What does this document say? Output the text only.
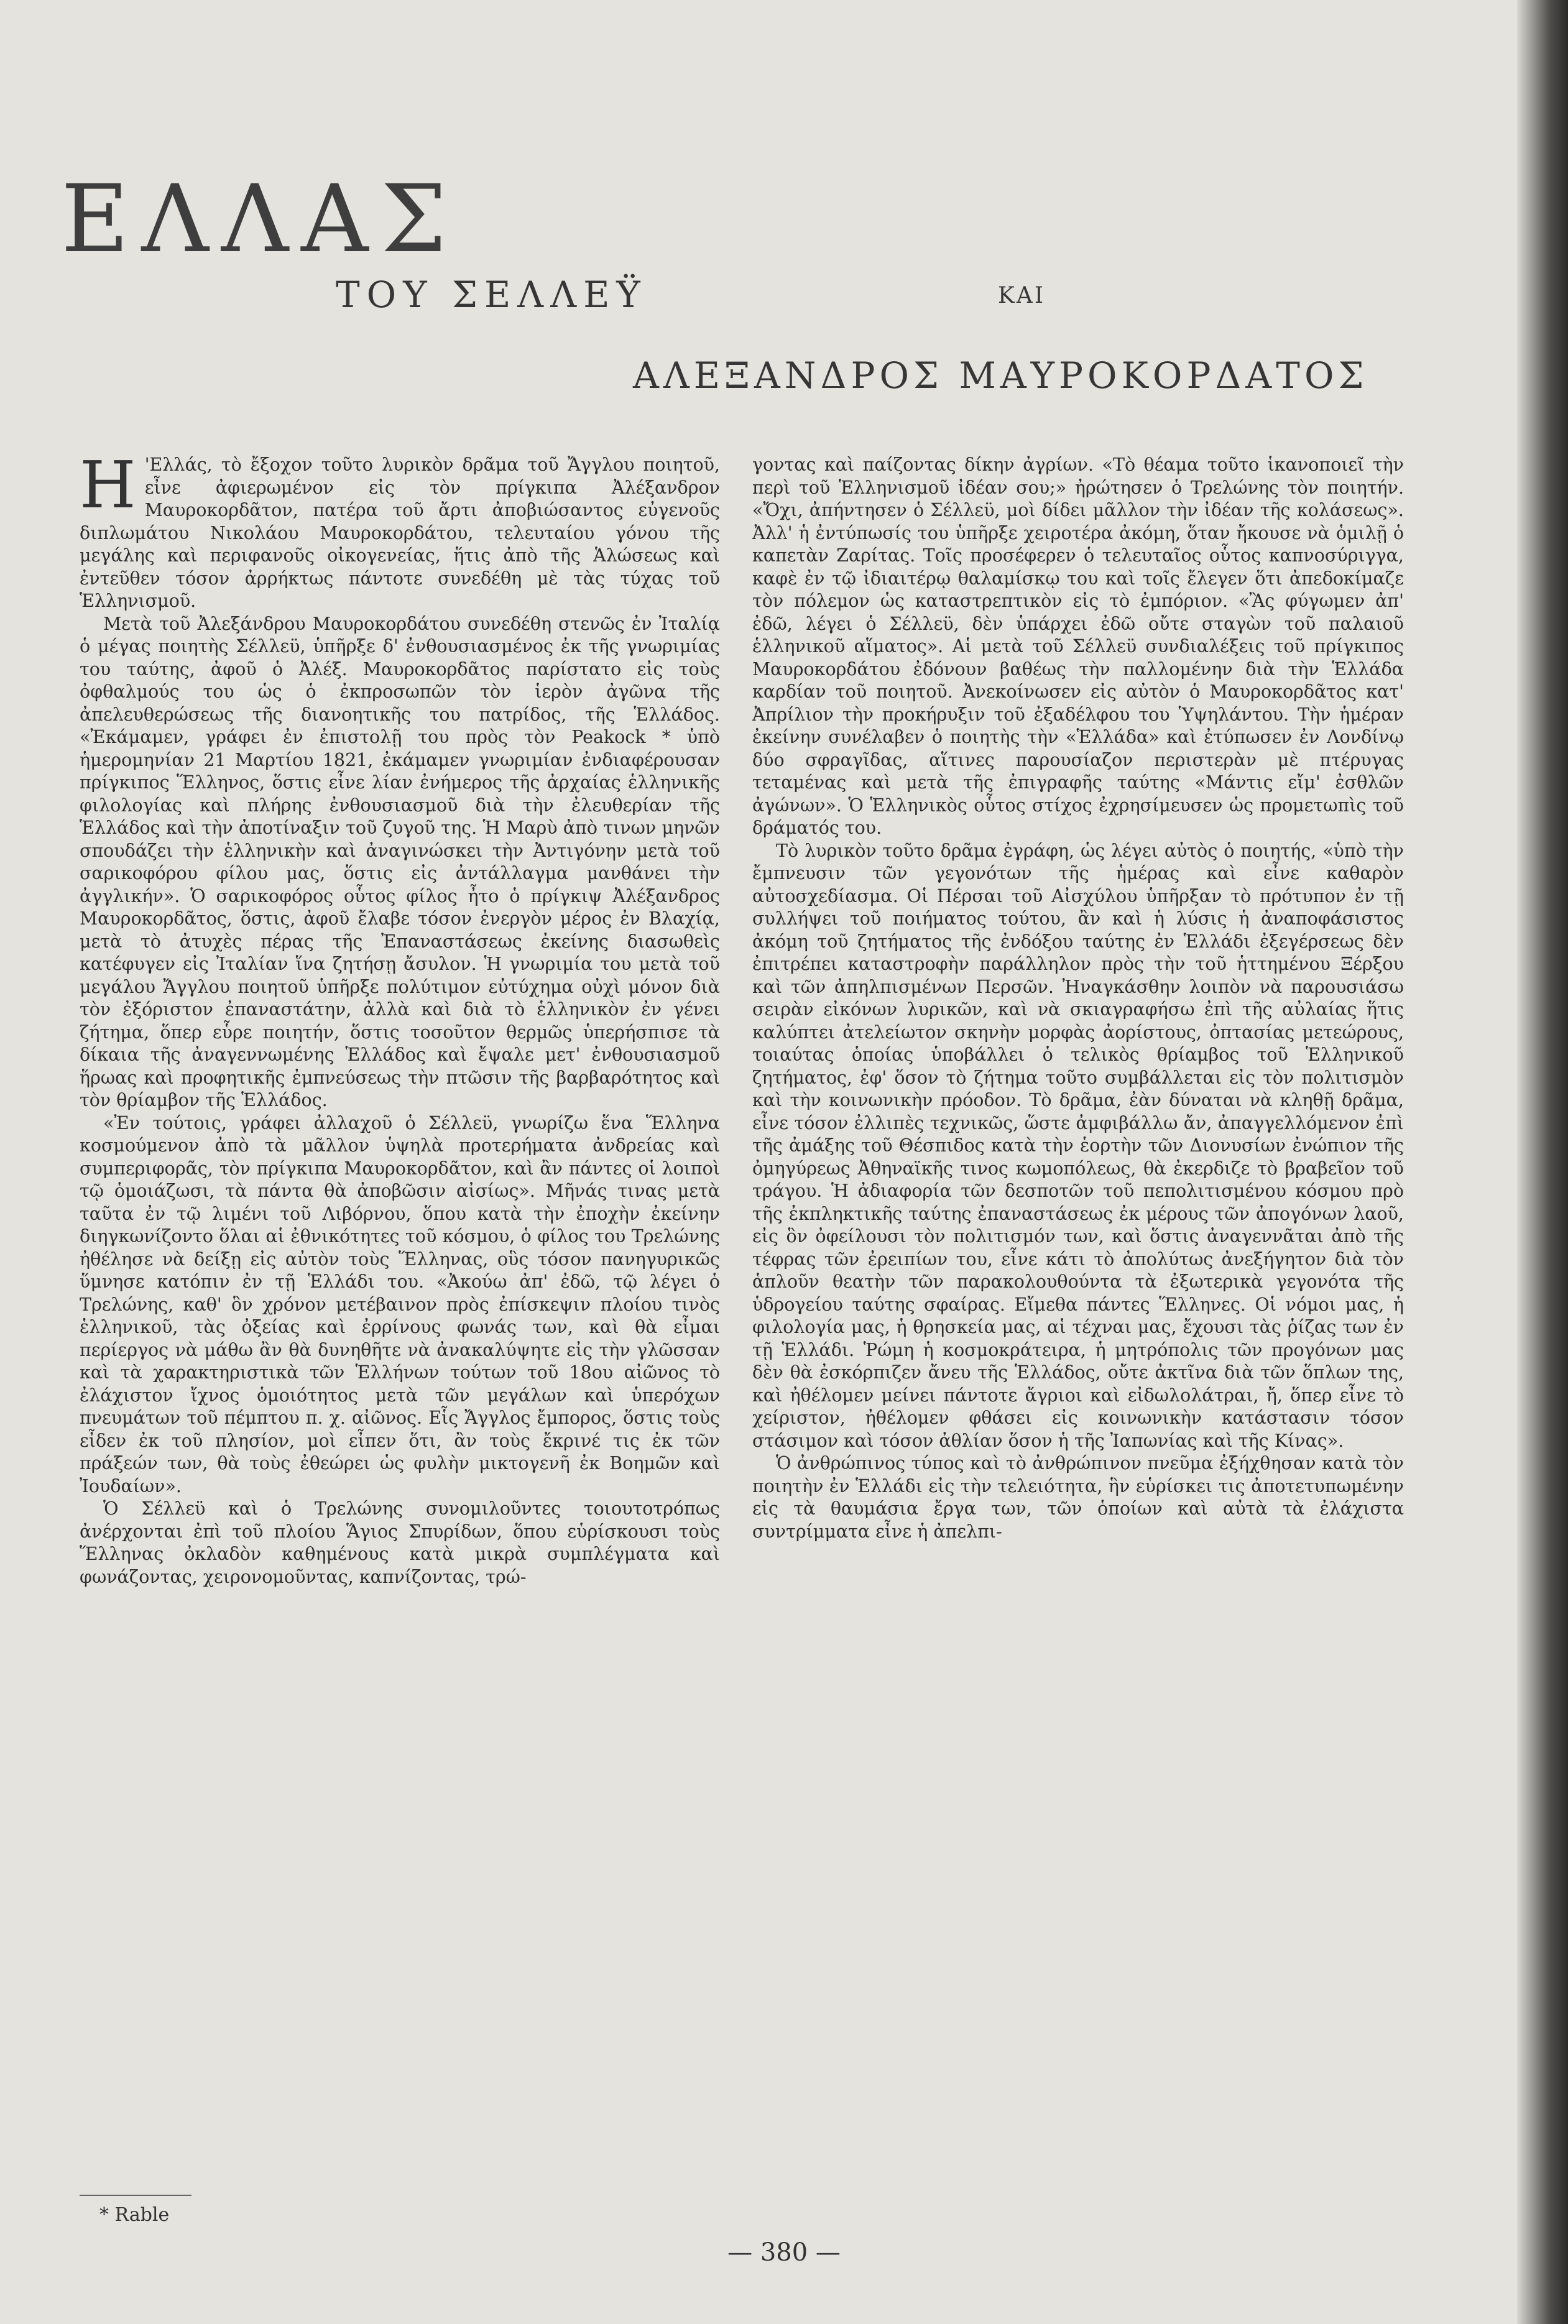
ΕΛΛΑΣ
ΤΟΥ ΣΕΛΛΕΫ	ΚΑΙ
ΑΛΕΞΑΝΔΡΟΣ ΜΑΥΡΟΚΟΡΔΑΤΟΣ

Η 'Ελλάς, τὸ ἔξοχον τοῦτο λυρικὸν δρᾶμα τοῦ Ἄγγλου ποιητοῦ, εἶνε ἀφιερωμένον εἰς τὸν πρίγκιπα Ἀλέξανδρον Μαυροκορδᾶτον, πατέρα τοῦ ἄρτι ἀποβιώσαντος εὐγενοῦς διπλωμάτου Νικολάου Μαυροκορδάτου, τελευταίου γόνου τῆς μεγάλης καὶ περιφανοῦς οἰκογενείας, ἥτις ἀπὸ τῆς Ἁλώσεως καὶ ἐντεῦθεν τόσον ἀρρήκτως πάντοτε συνεδέθη μὲ τὰς τύχας τοῦ Ἑλληνισμοῦ.

Μετὰ τοῦ Ἀλεξάνδρου Μαυροκορδάτου συνεδέθη στενῶς ἐν Ἰταλίᾳ ὁ μέγας ποιητὴς Σέλλεϋ, ὑπῆρξε δ' ἐνθουσιασμένος ἐκ τῆς γνωριμίας του ταύτης, ἀφοῦ ὁ Ἀλέξ. Μαυροκορδᾶτος παρίστατο εἰς τοὺς ὀφθαλμούς του ὡς ὁ ἐκπροσωπῶν τὸν ἱερὸν ἀγῶνα τῆς ἀπελευθερώσεως τῆς διανοητικῆς του πατρίδος, τῆς Ἑλλάδος. «Ἐκάμαμεν, γράφει ἐν ἐπιστολῇ του πρὸς τὸν Peakock * ὑπὸ ἡμερομηνίαν 21 Μαρτίου 1821, ἐκάμαμεν γνωριμίαν ἐνδιαφέρουσαν πρίγκιπος Ἕλληνος, ὅστις εἶνε λίαν ἐνήμερος τῆς ἀρχαίας ἑλληνικῆς φιλολογίας καὶ πλήρης ἐνθουσιασμοῦ διὰ τὴν ἐλευθερίαν τῆς Ἑλλάδος καὶ τὴν ἀποτίναξιν τοῦ ζυγοῦ της. Ἡ Μαρὺ ἀπὸ τινων μηνῶν σπουδάζει τὴν ἑλληνικὴν καὶ ἀναγινώσκει τὴν Ἀντιγόνην μετὰ τοῦ σαρικοφόρου φίλου μας, ὅστις εἰς ἀντάλλαγμα μανθάνει τὴν ἀγγλικήν». Ὁ σαρικοφόρος οὗτος φίλος ἦτο ὁ πρίγκιψ Ἀλέξανδρος Μαυροκορδᾶτος, ὅστις, ἀφοῦ ἔλαβε τόσον ἐνεργὸν μέρος ἐν Βλαχίᾳ, μετὰ τὸ ἀτυχὲς πέρας τῆς Ἐπαναστάσεως ἐκείνης διασωθεὶς κατέφυγεν εἰς Ἰταλίαν ἵνα ζητήσῃ ἄσυλον. Ἡ γνωριμία του μετὰ τοῦ μεγάλου Ἄγγλου ποιητοῦ ὑπῆρξε πολύτιμον εὐτύχημα οὐχὶ μόνον διὰ τὸν ἐξόριστον ἐπαναστάτην, ἀλλὰ καὶ διὰ τὸ ἑλληνικὸν ἐν γένει ζήτημα, ὅπερ εὗρε ποιητήν, ὅστις τοσοῦτον θερμῶς ὑπερήσπισε τὰ δίκαια τῆς ἀναγεννωμένης Ἑλλάδος καὶ ἔψαλε μετ' ἐνθουσιασμοῦ ἥρωας καὶ προφητικῆς ἐμπνεύσεως τὴν πτῶσιν τῆς βαρβαρότητος καὶ τὸν θρίαμβον τῆς Ἑλλάδος.

«Ἐν τούτοις, γράφει ἀλλαχοῦ ὁ Σέλλεϋ, γνωρίζω ἕνα Ἕλληνα κοσμούμενον ἀπὸ τὰ μᾶλλον ὑψηλὰ προτερήματα ἀνδρείας καὶ συμπεριφορᾶς, τὸν πρίγκιπα Μαυροκορδᾶτον, καὶ ἂν πάντες οἱ λοιποὶ τῷ ὁμοιάζωσι, τὰ πάντα θὰ ἀποβῶσιν αἰσίως». Μῆνάς τινας μετὰ ταῦτα ἐν τῷ λιμένι τοῦ Λιβόρνου, ὅπου κατὰ τὴν ἐποχὴν ἐκείνην διηγκωνίζοντο ὅλαι αἱ ἐθνικότητες τοῦ κόσμου, ὁ φίλος του Τρελώνης ἠθέλησε νὰ δείξῃ εἰς αὐτὸν τοὺς Ἕλληνας, οὓς τόσον πανηγυρικῶς ὕμνησε κατόπιν ἐν τῇ Ἑλλάδι του. «Ἀκούω ἀπ' ἐδῶ, τῷ λέγει ὁ Τρελώνης, καθ' ὃν χρόνον μετέβαινον πρὸς ἐπίσκεψιν πλοίου τινὸς ἑλληνικοῦ, τὰς ὀξείας καὶ ἐρρίνους φωνάς των, καὶ θὰ εἶμαι περίεργος νὰ μάθω ἂν θὰ δυνηθῆτε νὰ ἀνακαλύψητε εἰς τὴν γλῶσσαν καὶ τὰ χαρακτηριστικὰ τῶν Ἑλλήνων τούτων τοῦ 18ου αἰῶνος τὸ ἐλάχιστον ἴχνος ὁμοιότητος μετὰ τῶν μεγάλων καὶ ὑπερόχων πνευμάτων τοῦ πέμπτου π. χ. αἰῶνος. Εἷς Ἄγγλος ἔμπορος, ὅστις τοὺς εἶδεν ἐκ τοῦ πλησίον, μοὶ εἶπεν ὅτι, ἂν τοὺς ἔκρινέ τις ἐκ τῶν πράξεών των, θὰ τοὺς ἐθεώρει ὡς φυλὴν μικτογενῆ ἐκ Βοημῶν καὶ Ἰουδαίων».

Ὁ Σέλλεϋ καὶ ὁ Τρελώνης συνομιλοῦντες τοιουτοτρόπως ἀνέρχονται ἐπὶ τοῦ πλοίου Ἅγιος Σπυρίδων, ὅπου εὑρίσκουσι τοὺς Ἕλληνας ὀκλαδὸν καθημένους κατὰ μικρὰ συμπλέγματα καὶ φωνάζοντας, χειρονομοῦντας, καπνίζοντας, τρώ-

γοντας καὶ παίζοντας δίκην ἀγρίων. «Τὸ θέαμα τοῦτο ἱκανοποιεῖ τὴν περὶ τοῦ Ἑλληνισμοῦ ἰδέαν σου;» ἠρώτησεν ὁ Τρελώνης τὸν ποιητήν. «Ὄχι, ἀπήντησεν ὁ Σέλλεϋ, μοὶ δίδει μᾶλλον τὴν ἰδέαν τῆς κολάσεως». Ἀλλ' ἡ ἐντύπωσίς του ὑπῆρξε χειροτέρα ἀκόμη, ὅταν ἤκουσε νὰ ὁμιλῇ ὁ καπετὰν Ζαρίτας. Τοῖς προσέφερεν ὁ τελευταῖος οὗτος καπνοσύριγγα, καφὲ ἐν τῷ ἰδιαιτέρῳ θαλαμίσκῳ του καὶ τοῖς ἔλεγεν ὅτι ἀπεδοκίμαζε τὸν πόλεμον ὡς καταστρεπτικὸν εἰς τὸ ἐμπόριον. «Ἂς φύγωμεν ἀπ' ἐδῶ, λέγει ὁ Σέλλεϋ, δὲν ὑπάρχει ἐδῶ οὔτε σταγὼν τοῦ παλαιοῦ ἑλληνικοῦ αἵματος». Αἱ μετὰ τοῦ Σέλλεϋ συνδιαλέξεις τοῦ πρίγκιπος Μαυροκορδάτου ἐδόνουν βαθέως τὴν παλλομένην διὰ τὴν Ἑλλάδα καρδίαν τοῦ ποιητοῦ. Ἀνεκοίνωσεν εἰς αὐτὸν ὁ Μαυροκορδᾶτος κατ' Ἀπρίλιον τὴν προκήρυξιν τοῦ ἐξαδέλφου του Ὑψηλάντου. Τὴν ἡμέραν ἐκείνην συνέλαβεν ὁ ποιητὴς τὴν «Ἑλλάδα» καὶ ἐτύπωσεν ἐν Λονδίνῳ δύο σφραγῖδας, αἵτινες παρουσίαζον περιστερὰν μὲ πτέρυγας τεταμένας καὶ μετὰ τῆς ἐπιγραφῆς ταύτης «Μάντις εἴμ' ἐσθλῶν ἀγώνων». Ὁ Ἑλληνικὸς οὗτος στίχος ἐχρησίμευσεν ὡς προμετωπὶς τοῦ δράματός του.

Τὸ λυρικὸν τοῦτο δρᾶμα ἐγράφη, ὡς λέγει αὐτὸς ὁ ποιητής, «ὑπὸ τὴν ἔμπνευσιν τῶν γεγονότων τῆς ἡμέρας καὶ εἶνε καθαρὸν αὐτοσχεδίασμα. Οἱ Πέρσαι τοῦ Αἰσχύλου ὑπῆρξαν τὸ πρότυπον ἐν τῇ συλλήψει τοῦ ποιήματος τούτου, ἂν καὶ ἡ λύσις ἡ ἀναποφάσιστος ἀκόμη τοῦ ζητήματος τῆς ἐνδόξου ταύτης ἐν Ἑλλάδι ἐξεγέρσεως δὲν ἐπιτρέπει καταστροφὴν παράλληλον πρὸς τὴν τοῦ ἡττημένου Ξέρξου καὶ τῶν ἀπηλπισμένων Περσῶν. Ἠναγκάσθην λοιπὸν νὰ παρουσιάσω σειρὰν εἰκόνων λυρικῶν, καὶ νὰ σκιαγραφήσω ἐπὶ τῆς αὐλαίας ἥτις καλύπτει ἀτελείωτον σκηνὴν μορφὰς ἀορίστους, ὀπτασίας μετεώρους, τοιαύτας ὁποίας ὑποβάλλει ὁ τελικὸς θρίαμβος τοῦ Ἑλληνικοῦ ζητήματος, ἐφ' ὅσον τὸ ζήτημα τοῦτο συμβάλλεται εἰς τὸν πολιτισμὸν καὶ τὴν κοινωνικὴν πρόοδον. Τὸ δρᾶμα, ἐὰν δύναται νὰ κληθῇ δρᾶμα, εἶνε τόσον ἐλλιπὲς τεχνικῶς, ὥστε ἀμφιβάλλω ἄν, ἀπαγγελλόμενον ἐπὶ τῆς ἀμάξης τοῦ Θέσπιδος κατὰ τὴν ἑορτὴν τῶν Διονυσίων ἐνώπιον τῆς ὀμηγύρεως Ἀθηναϊκῆς τινος κωμοπόλεως, θὰ ἐκερδιζε τὸ βραβεῖον τοῦ τράγου. Ἡ ἀδιαφορία τῶν δεσποτῶν τοῦ πεπολιτισμένου κόσμου πρὸ τῆς ἐκπληκτικῆς ταύτης ἐπαναστάσεως ἐκ μέρους τῶν ἀπογόνων λαοῦ, εἰς ὃν ὀφείλουσι τὸν πολιτισμόν των, καὶ ὅστις ἀναγεννᾶται ἀπὸ τῆς τέφρας τῶν ἐρειπίων του, εἶνε κάτι τὸ ἀπολύτως ἀνεξήγητον διὰ τὸν ἁπλοῦν θεατὴν τῶν παρακολουθούντα τὰ ἐξωτερικὰ γεγονότα τῆς ὑδρογείου ταύτης σφαίρας. Εἴμεθα πάντες Ἕλληνες. Οἱ νόμοι μας, ἡ φιλολογία μας, ἡ θρησκεία μας, αἱ τέχναι μας, ἔχουσι τὰς ῥίζας των ἐν τῇ Ἑλλάδι. Ῥώμη ἡ κοσμοκράτειρα, ἡ μητρόπολις τῶν προγόνων μας δὲν θὰ ἐσκόρπιζεν ἄνευ τῆς Ἑλλάδος, οὔτε ἀκτῖνα διὰ τῶν ὅπλων της, καὶ ἠθέλομεν μείνει πάντοτε ἄγριοι καὶ εἰδωλολάτραι, ἤ, ὅπερ εἶνε τὸ χείριστον, ἠθέλομεν φθάσει εἰς κοινωνικὴν κατάστασιν τόσον στάσιμον καὶ τόσον ἀθλίαν ὅσον ἡ τῆς Ἰαπωνίας καὶ τῆς Κίνας».

Ὁ ἀνθρώπινος τύπος καὶ τὸ ἀνθρώπινον πνεῦμα ἐξήχθησαν κατὰ τὸν ποιητὴν ἐν Ἑλλάδι εἰς τὴν τελειότητα, ἣν εὑρίσκει τις ἀποτετυπωμένην εἰς τὰ θαυμάσια ἔργα των, τῶν ὁποίων καὶ αὐτὰ τὰ ἐλάχιστα συντρίμματα εἶνε ἡ ἀπελπι-

* Rable
— 380 —
